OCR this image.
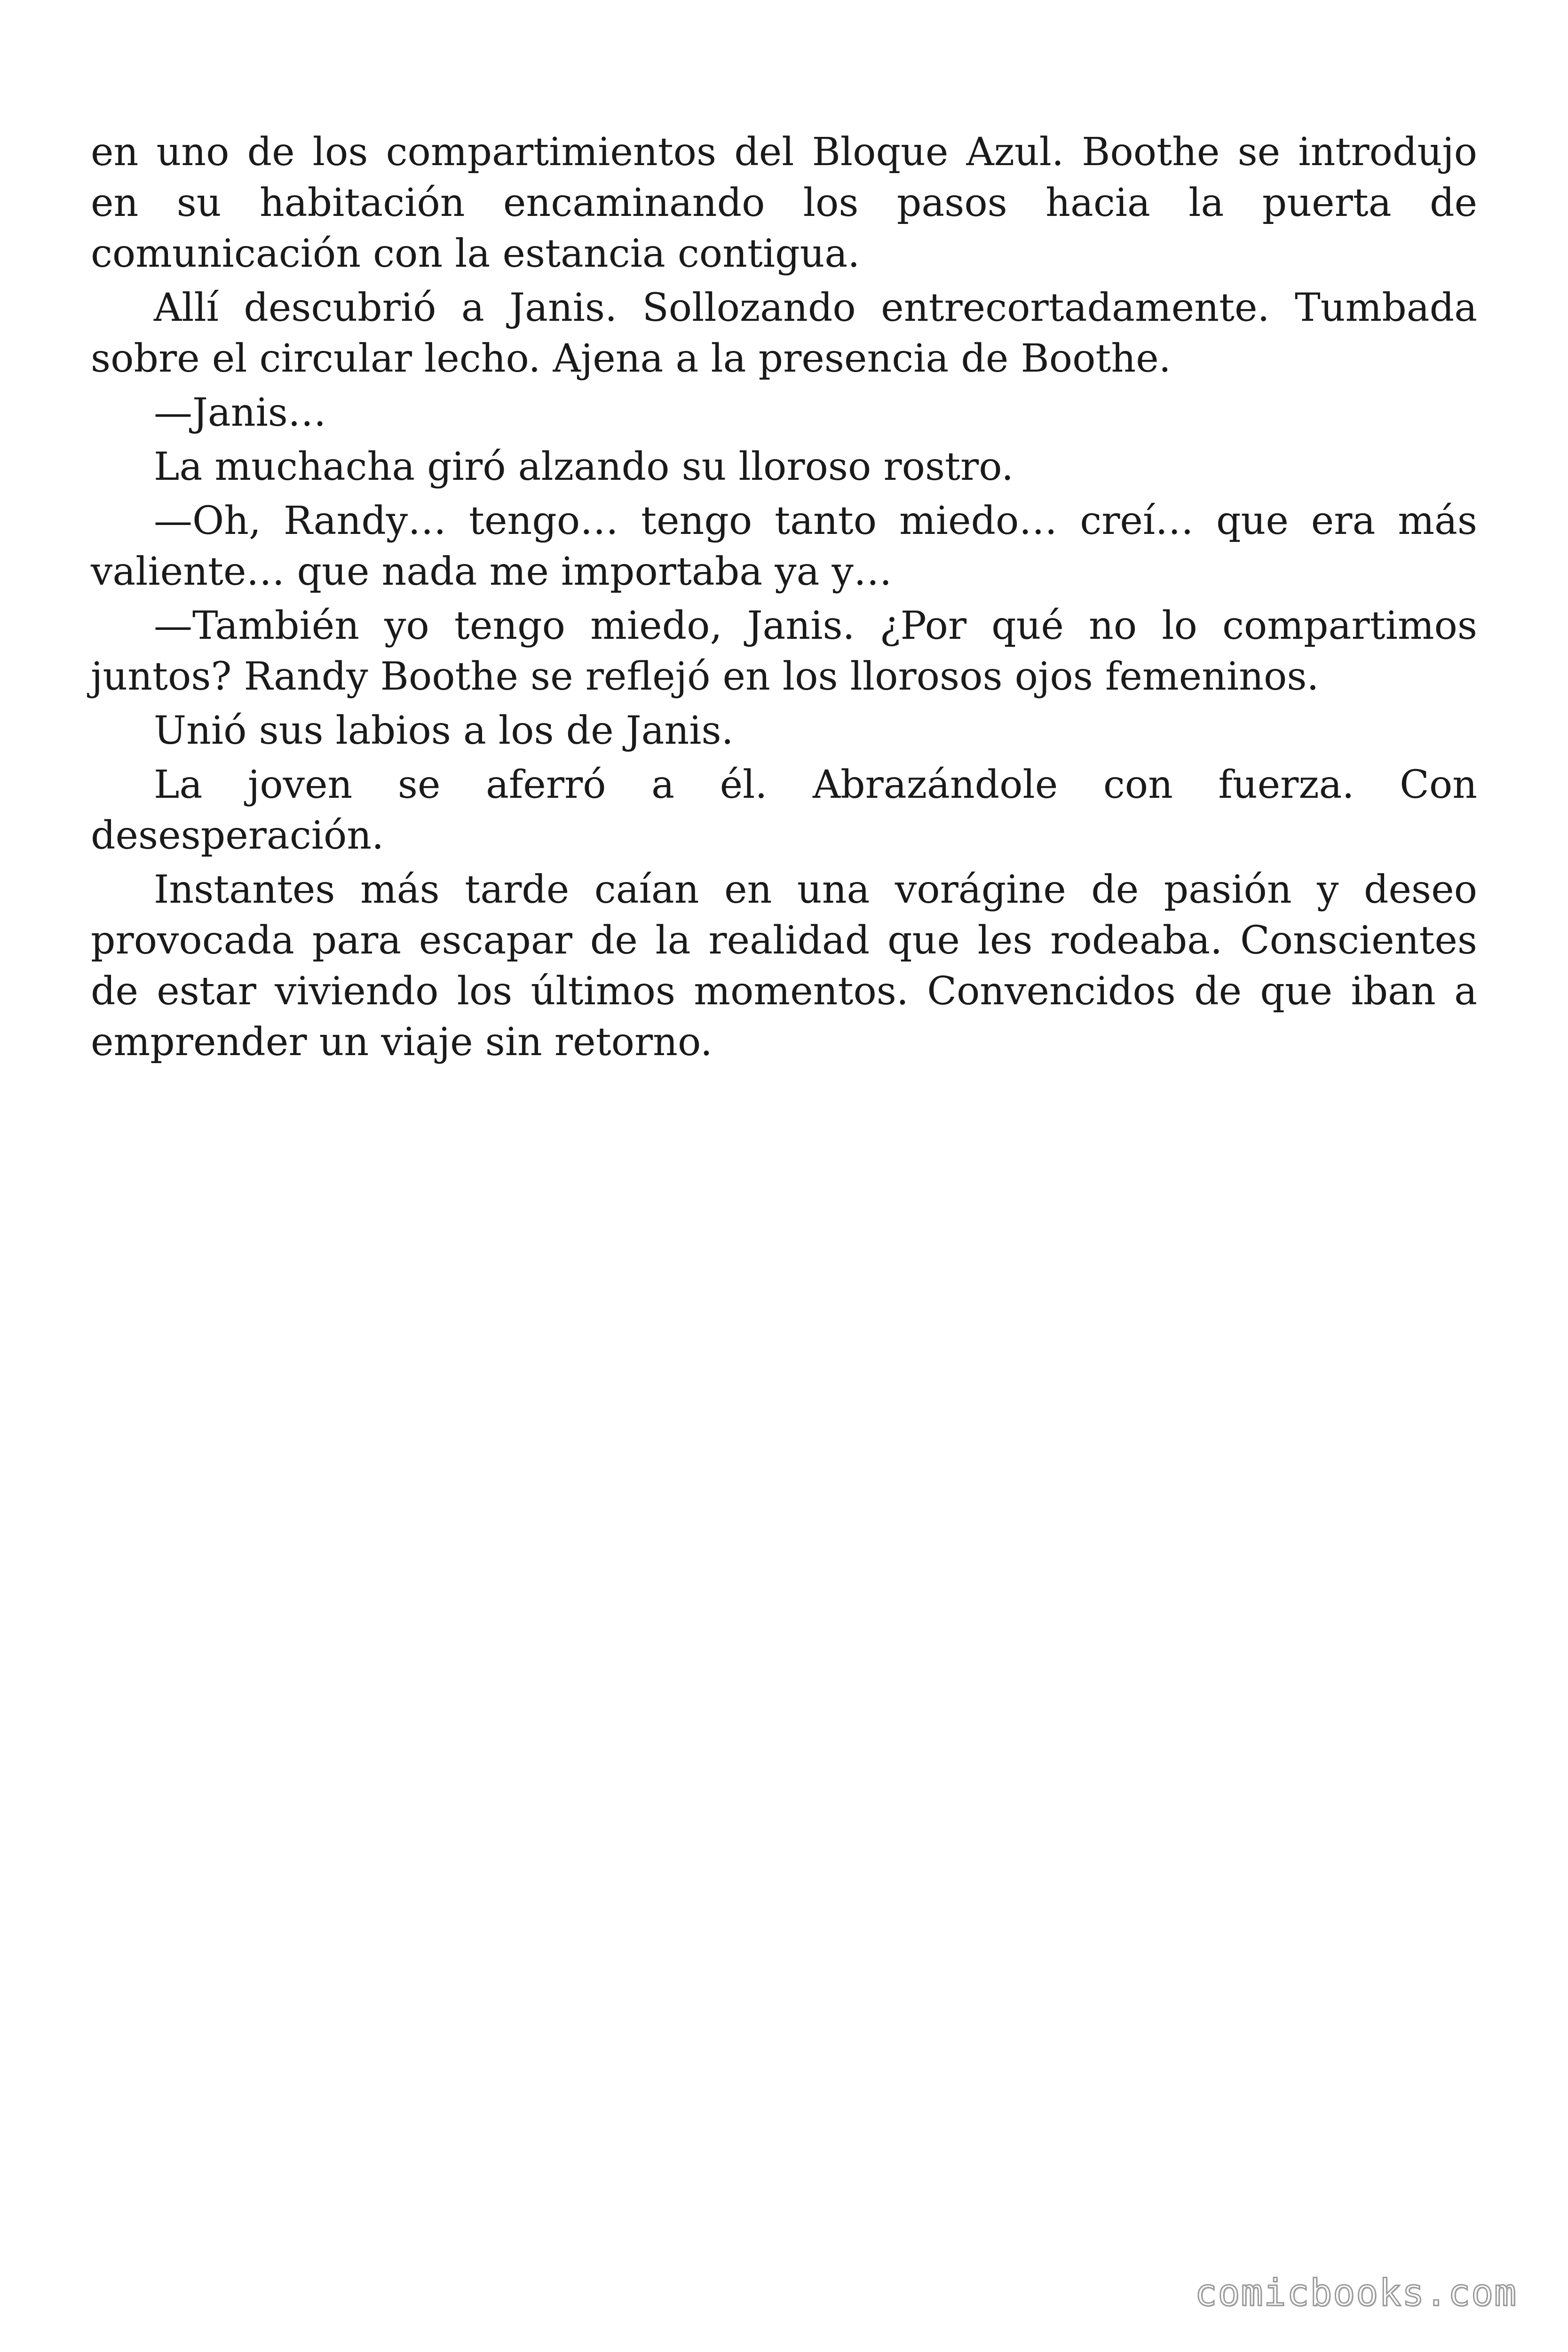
en uno de los compartimientos del Bloque Azul. Boothe se introdujo en su habitación encaminando los pasos hacia la puerta de comunicación con la estancia contigua.

Allí descubrió a Janis. Sollozando entrecortadamente. Tumbada sobre el circular lecho. Ajena a la presencia de Boothe.

—Janis…

La muchacha giró alzando su lloroso rostro.

—Oh, Randy… tengo… tengo tanto miedo… creí… que era más valiente… que nada me importaba ya y…

—También yo tengo miedo, Janis. ¿Por qué no lo compartimos juntos? Randy Boothe se reflejó en los llorosos ojos femeninos.

Unió sus labios a los de Janis.

La joven se aferró a él. Abrazándole con fuerza. Con desesperación.

Instantes más tarde caían en una vorágine de pasión y deseo provocada para escapar de la realidad que les rodeaba. Conscientes de estar viviendo los últimos momentos. Convencidos de que iban a emprender un viaje sin retorno.

comicbooks.com
